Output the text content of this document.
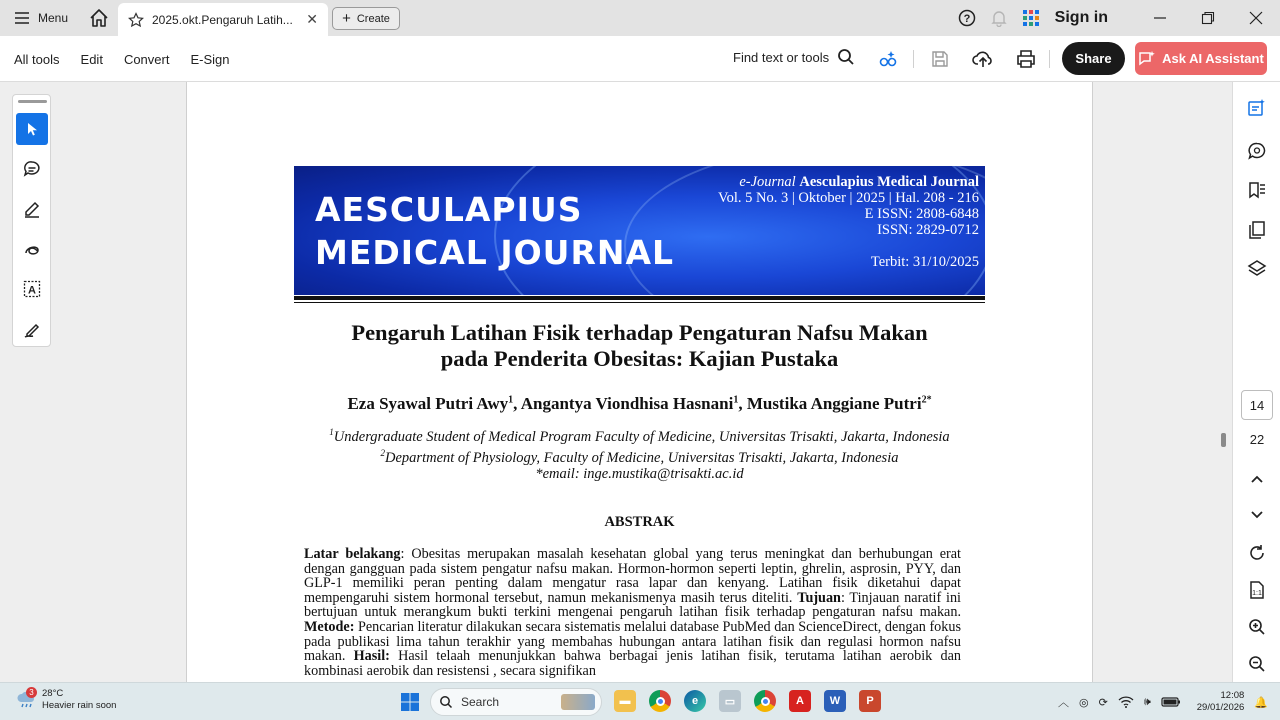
Menu	2025.okt.Pengaruh Latih... ✕ + Create	?	Sign in
All tools Edit Convert E-Sign	Find text or tools	Share	Ask AI Assistant
A
AESCULAPIUS
MEDICAL JOURNAL
e-Journal Aesculapius Medical Journal
Vol. 5 No. 3 | Oktober | 2025 | Hal. 208 - 216
E ISSN: 2808-6848
ISSN: 2829-0712
Terbit: 31/10/2025
Pengaruh Latihan Fisik terhadap Pengaturan Nafsu Makan
pada Penderita Obesitas: Kajian Pustaka
Eza Syawal Putri Awy$^1$, Angantya Viondhisa Hasnani$^1$, Mustika Anggiane Putri$^{2*}$
$^1$Undergraduate Student of Medical Program Faculty of Medicine, Universitas Trisakti, Jakarta, Indonesia
$^2$Department of Physiology, Faculty of Medicine, Universitas Trisakti, Jakarta, Indonesia
*email: inge.mustika@trisakti.ac.id
ABSTRAK
Latar belakang: Obesitas merupakan masalah kesehatan global yang terus meningkat dan berhubungan erat dengan gangguan pada sistem pengatur nafsu makan. Hormon-hormon seperti leptin, ghrelin, asprosin, PYY, dan GLP-1 memiliki peran penting dalam mengatur rasa lapar dan kenyang. Latihan fisik diketahui dapat mempengaruhi sistem hormonal tersebut, namun mekanismenya masih terus diteliti. Tujuan: Tinjauan naratif ini bertujuan untuk merangkum bukti terkini mengenai pengaruh latihan fisik terhadap pengaturan nafsu makan. Metode: Pencarian literatur dilakukan secara sistematis melalui database PubMed dan ScienceDirect, dengan fokus pada publikasi lima tahun terakhir yang membahas hubungan antara latihan fisik dan regulasi hormon nafsu makan. Hasil: Hasil telaah menunjukkan bahwa berbagai jenis latihan fisik, terutama latihan aerobik dan kombinasi aerobik dan resistensi , secara signifikan
14
22
1:1
3 28°C
Heavier rain soon	Search	▬	e ▭	A W P	︿ ◎ ⟳	🕪	12:08
29/01/2026 🔔
